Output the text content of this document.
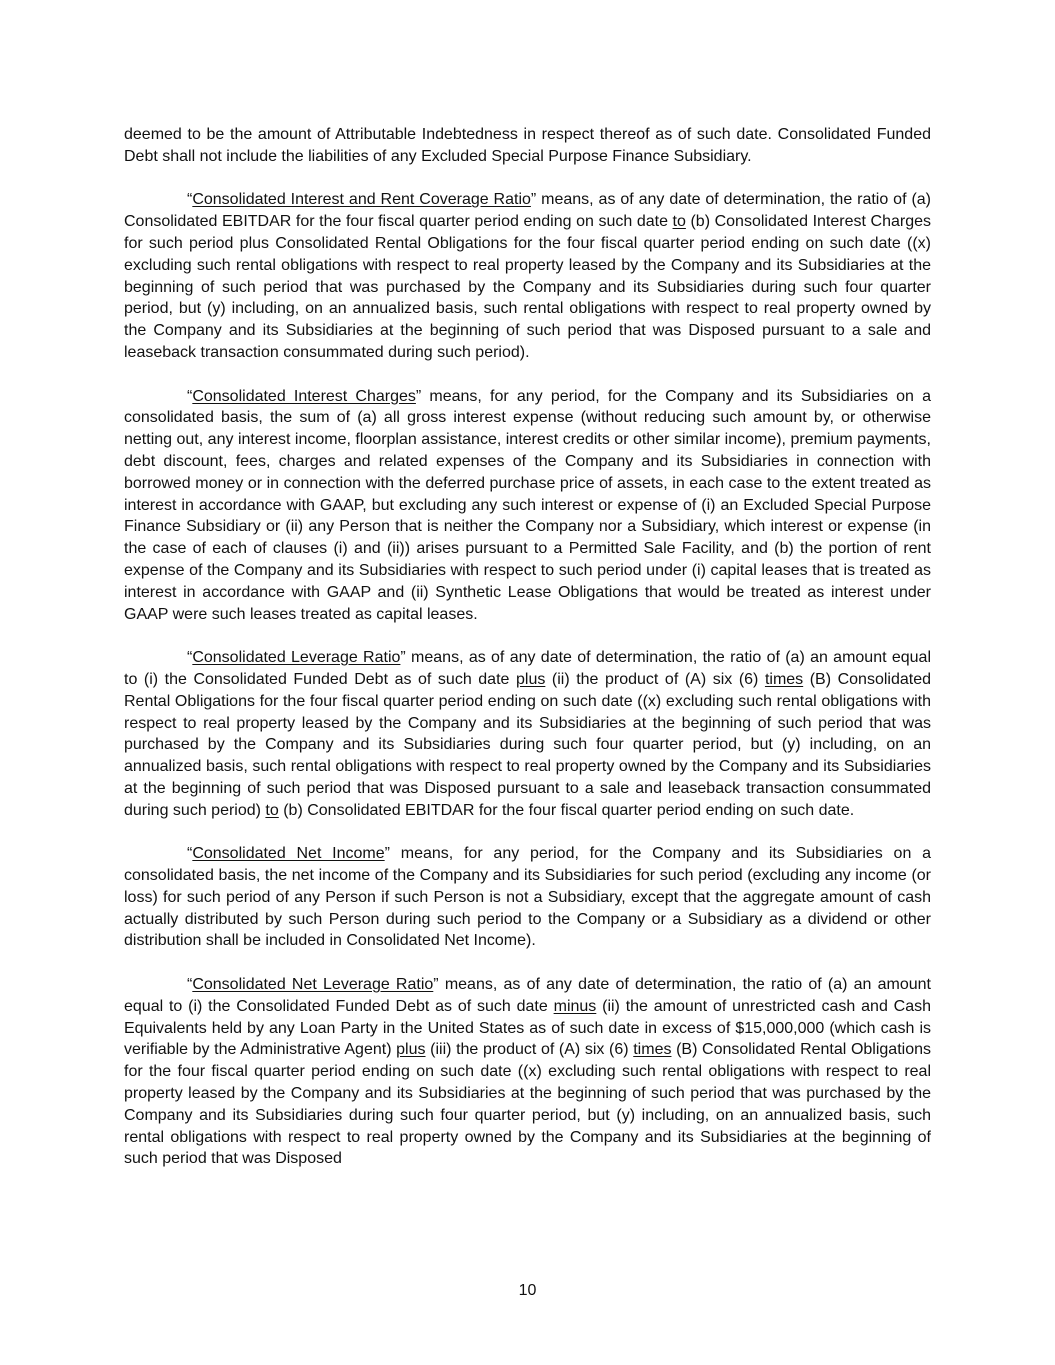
deemed to be the amount of Attributable Indebtedness in respect thereof as of such date. Consolidated Funded Debt shall not include the liabilities of any Excluded Special Purpose Finance Subsidiary.

“Consolidated Interest and Rent Coverage Ratio” means, as of any date of determination, the ratio of (a) Consolidated EBITDAR for the four fiscal quarter period ending on such date to (b) Consolidated Interest Charges for such period plus Consolidated Rental Obligations for the four fiscal quarter period ending on such date ((x) excluding such rental obligations with respect to real property leased by the Company and its Subsidiaries at the beginning of such period that was purchased by the Company and its Subsidiaries during such four quarter period, but (y) including, on an annualized basis, such rental obligations with respect to real property owned by the Company and its Subsidiaries at the beginning of such period that was Disposed pursuant to a sale and leaseback transaction consummated during such period).

“Consolidated Interest Charges” means, for any period, for the Company and its Subsidiaries on a consolidated basis, the sum of (a) all gross interest expense (without reducing such amount by, or otherwise netting out, any interest income, floorplan assistance, interest credits or other similar income), premium payments, debt discount, fees, charges and related expenses of the Company and its Subsidiaries in connection with borrowed money or in connection with the deferred purchase price of assets, in each case to the extent treated as interest in accordance with GAAP, but excluding any such interest or expense of (i) an Excluded Special Purpose Finance Subsidiary or (ii) any Person that is neither the Company nor a Subsidiary, which interest or expense (in the case of each of clauses (i) and (ii)) arises pursuant to a Permitted Sale Facility, and (b) the portion of rent expense of the Company and its Subsidiaries with respect to such period under (i) capital leases that is treated as interest in accordance with GAAP and (ii) Synthetic Lease Obligations that would be treated as interest under GAAP were such leases treated as capital leases.

“Consolidated Leverage Ratio” means, as of any date of determination, the ratio of (a) an amount equal to (i) the Consolidated Funded Debt as of such date plus (ii) the product of (A) six (6) times (B) Consolidated Rental Obligations for the four fiscal quarter period ending on such date ((x) excluding such rental obligations with respect to real property leased by the Company and its Subsidiaries at the beginning of such period that was purchased by the Company and its Subsidiaries during such four quarter period, but (y) including, on an annualized basis, such rental obligations with respect to real property owned by the Company and its Subsidiaries at the beginning of such period that was Disposed pursuant to a sale and leaseback transaction consummated during such period) to (b) Consolidated EBITDAR for the four fiscal quarter period ending on such date.

“Consolidated Net Income” means, for any period, for the Company and its Subsidiaries on a consolidated basis, the net income of the Company and its Subsidiaries for such period (excluding any income (or loss) for such period of any Person if such Person is not a Subsidiary, except that the aggregate amount of cash actually distributed by such Person during such period to the Company or a Subsidiary as a dividend or other distribution shall be included in Consolidated Net Income).

“Consolidated Net Leverage Ratio” means, as of any date of determination, the ratio of (a) an amount equal to (i) the Consolidated Funded Debt as of such date minus (ii) the amount of unrestricted cash and Cash Equivalents held by any Loan Party in the United States as of such date in excess of $15,000,000 (which cash is verifiable by the Administrative Agent) plus (iii) the product of (A) six (6) times (B) Consolidated Rental Obligations for the four fiscal quarter period ending on such date ((x) excluding such rental obligations with respect to real property leased by the Company and its Subsidiaries at the beginning of such period that was purchased by the Company and its Subsidiaries during such four quarter period, but (y) including, on an annualized basis, such rental obligations with respect to real property owned by the Company and its Subsidiaries at the beginning of such period that was Disposed

10
